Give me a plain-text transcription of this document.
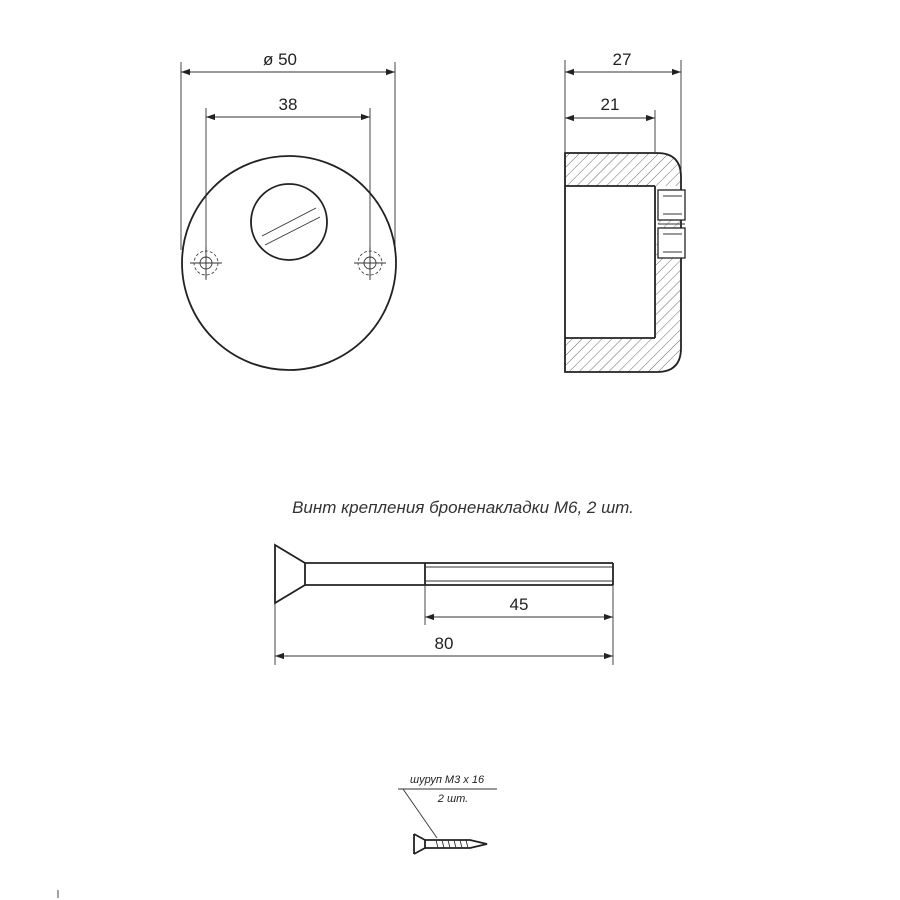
ø 50
38
27
21
Винт крепления броненакладки М6, 2 шт.
45
80
шуруп М3 х 16
2 шт.
